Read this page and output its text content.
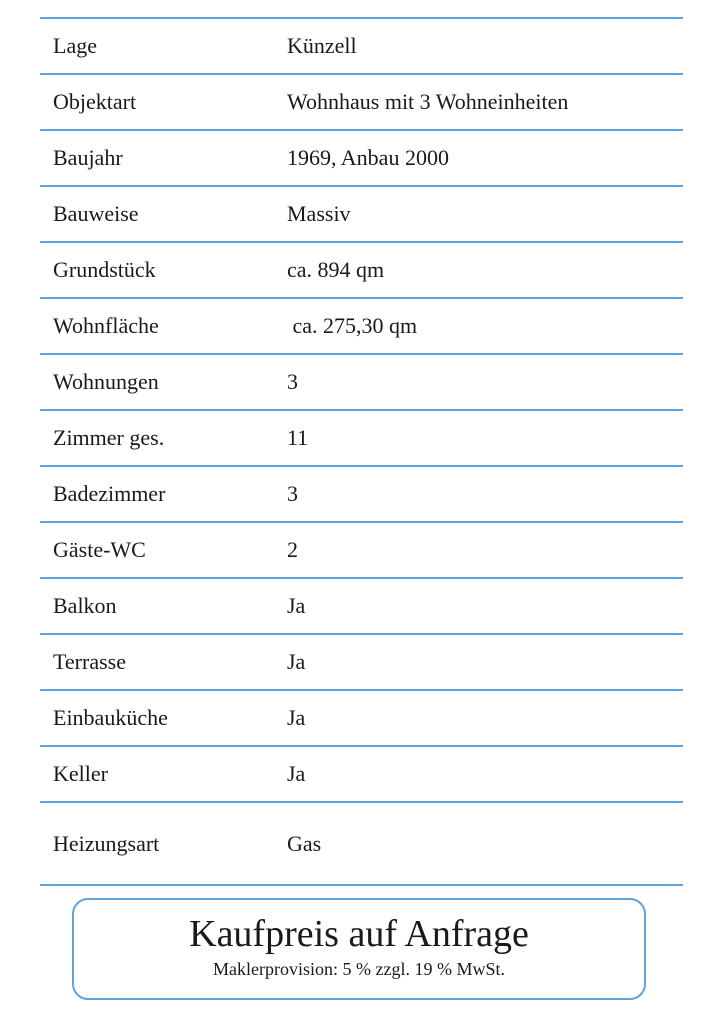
Lage	Künzell
Objektart	Wohnhaus mit 3 Wohneinheiten
Baujahr	1969, Anbau 2000
Bauweise	Massiv
Grundstück	ca. 894 qm
Wohnfläche	ca. 275,30 qm
Wohnungen	3
Zimmer ges.	11
Badezimmer	3
Gäste-WC	2
Balkon	Ja
Terrasse	Ja
Einbauküche	Ja
Keller	Ja
Heizungsart	Gas
Kaufpreis auf Anfrage
Maklerprovision: 5 % zzgl. 19 % MwSt.
